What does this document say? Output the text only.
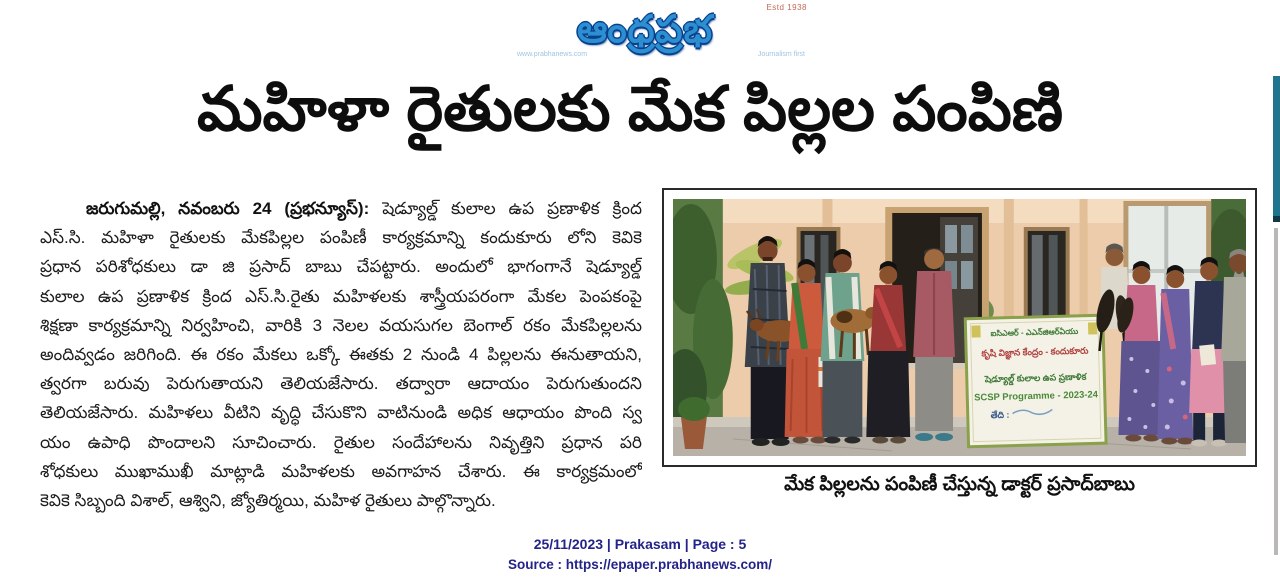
Estd 1938
ఆంధ్రప్రభ
www.prabhanews.com	Journalism first
మహిళా రైతులకు మేక పిల్లల పంపిణి
జరుగుమల్లి, నవంబరు 24 (ప్రభన్యూస్): షెడ్యూల్డ్ కులాల ఉప ప్రణాళిక క్రింద
ఎస్.సి. మహిళా రైతులకు మేకపిల్లల పంపిణీ కార్యక్రమాన్ని కందుకూరు లోని కెవికె
ప్రధాన పరిశోధకులు డా జి ప్రసాద్ బాబు చేపట్టారు. అందులో భాగంగానే షెడ్యూల్డ్
కులాల ఉప ప్రణాళిక క్రింద ఎస్.సి.రైతు మహిళలకు శాస్త్రీయపరంగా మేకల పెంపకంపై
శిక్షణా కార్యక్రమాన్ని నిర్వహించి, వారికి 3 నెలల వయసుగల బెంగాల్ రకం మేకపిల్లలను
అందివ్వడం జరిగింది. ఈ రకం మేకలు ఒక్కో ఈతకు 2 నుండి 4 పిల్లలను ఈనుతాయని,
త్వరగా బరువు పెరుగుతాయని తెలియజేసారు. తద్వారా ఆదాయం పెరుగుతుందని
తెలియజేసారు. మహిళలు వీటిని వృద్ధి చేసుకొని వాటినుండి అధిక ఆధాయం పొంది స్వ
యం ఉపాధి పొందాలని సూచించారు. రైతుల సందేహాలను నివృత్తిని ప్రధాన పరి
శోధకులు ముఖాముఖీ మాట్లాడి మహిళలకు అవగాహన చేశారు. ఈ కార్యక్రమంలో
కెవికె సిబ్బంది విశాల్, ఆశ్విని, జ్యోతిర్మయి, మహిళ రైతులు పాల్గొన్నారు.
ఐసిఎఆర్ - ఎఎన్‌జిఆర్‌ఏయు
కృషి విజ్ఞాన కేంద్రం - కందుకూరు
షెడ్యూల్డ్ కులాల ఉప ప్రణాళిక
SCSP Programme - 2023-24
తేది :
మేక పిల్లలను పంపిణీ చేస్తున్న డాక్టర్ ప్రసాద్‌బాబు
25/11/2023 | Prakasam | Page : 5
Source : https://epaper.prabhanews.com/
